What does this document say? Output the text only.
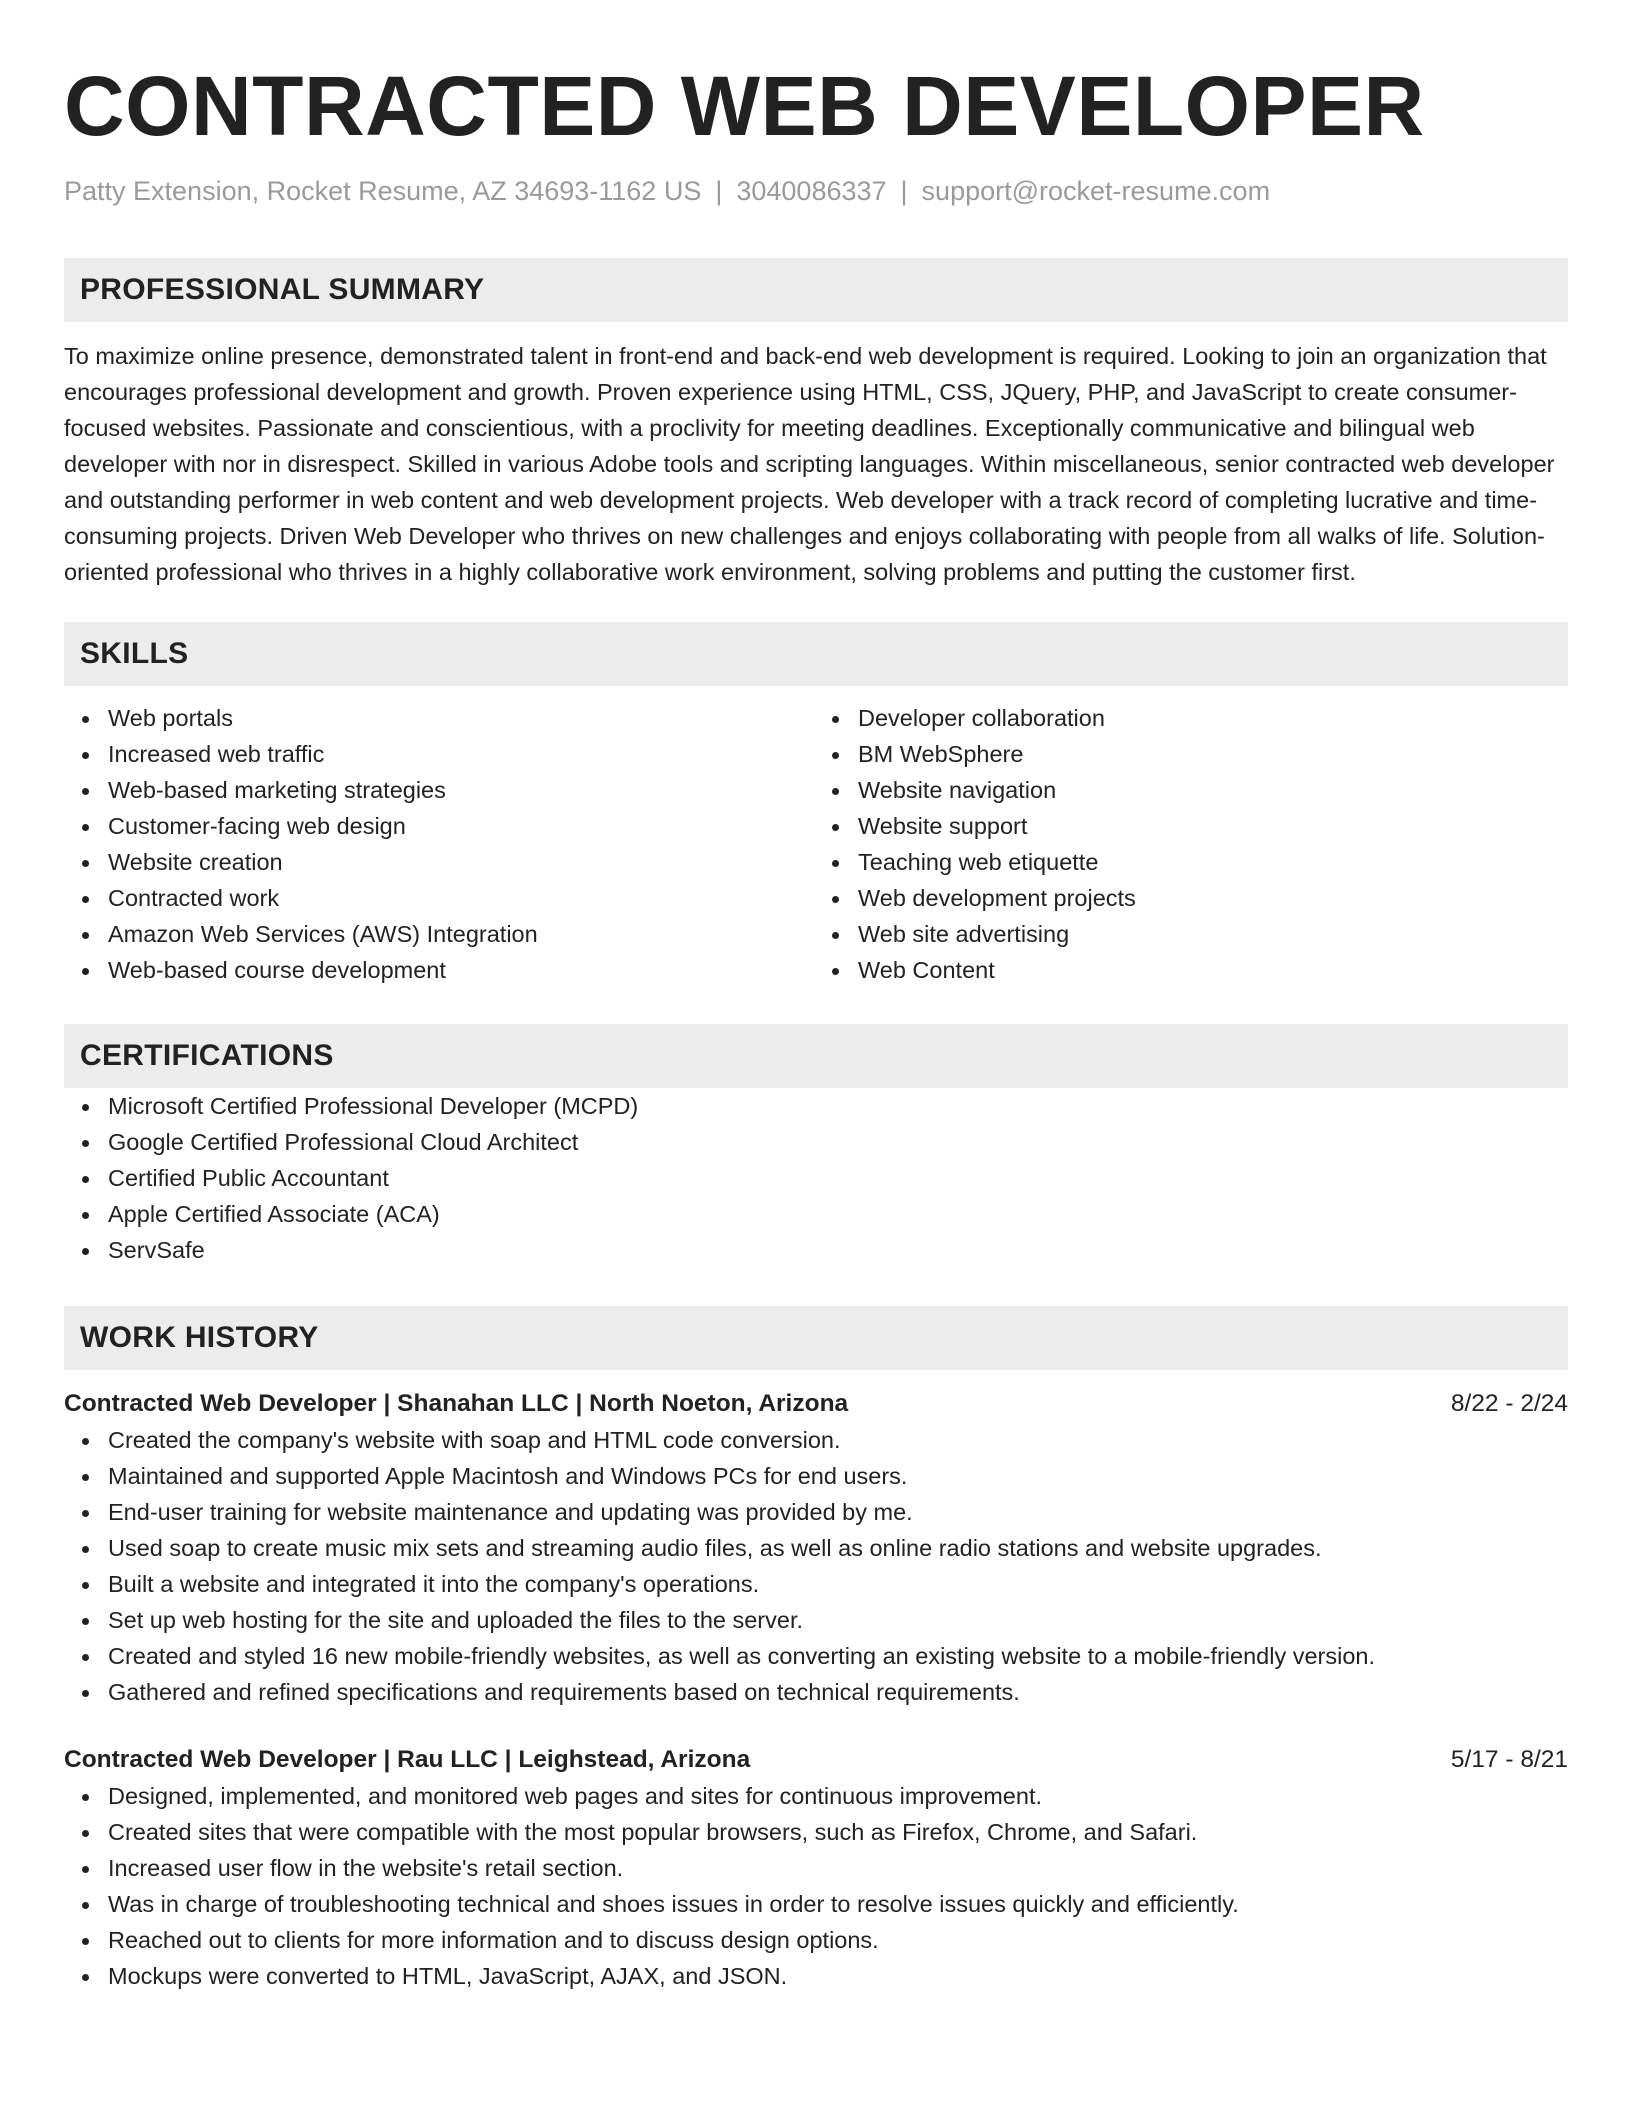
CONTRACTED WEB DEVELOPER
Patty Extension, Rocket Resume, AZ 34693-1162 US | 3040086337 | support@rocket-resume.com
PROFESSIONAL SUMMARY

To maximize online presence, demonstrated talent in front-end and back-end web development is required. Looking to join an organization that encourages professional development and growth. Proven experience using HTML, CSS, JQuery, PHP, and JavaScript to create consumer-focused websites. Passionate and conscientious, with a proclivity for meeting deadlines. Exceptionally communicative and bilingual web developer with nor in disrespect. Skilled in various Adobe tools and scripting languages. Within miscellaneous, senior contracted web developer and outstanding performer in web content and web development projects. Web developer with a track record of completing lucrative and time-consuming projects. Driven Web Developer who thrives on new challenges and enjoys collaborating with people from all walks of life. Solution-oriented professional who thrives in a highly collaborative work environment, solving problems and putting the customer first.

SKILLS
Web portals
Increased web traffic
Web-based marketing strategies
Customer-facing web design
Website creation
Contracted work
Amazon Web Services (AWS) Integration
Web-based course development
Developer collaboration
BM WebSphere
Website navigation
Website support
Teaching web etiquette
Web development projects
Web site advertising
Web Content
CERTIFICATIONS
Microsoft Certified Professional Developer (MCPD)
Google Certified Professional Cloud Architect
Certified Public Accountant
Apple Certified Associate (ACA)
ServSafe
WORK HISTORY
Contracted Web Developer | Shanahan LLC | North Noeton, Arizona	8/22 - 2/24
Created the company's website with soap and HTML code conversion.
Maintained and supported Apple Macintosh and Windows PCs for end users.
End-user training for website maintenance and updating was provided by me.
Used soap to create music mix sets and streaming audio files, as well as online radio stations and website upgrades.
Built a website and integrated it into the company's operations.
Set up web hosting for the site and uploaded the files to the server.
Created and styled 16 new mobile-friendly websites, as well as converting an existing website to a mobile-friendly version.
Gathered and refined specifications and requirements based on technical requirements.
Contracted Web Developer | Rau LLC | Leighstead, Arizona	5/17 - 8/21
Designed, implemented, and monitored web pages and sites for continuous improvement.
Created sites that were compatible with the most popular browsers, such as Firefox, Chrome, and Safari.
Increased user flow in the website's retail section.
Was in charge of troubleshooting technical and shoes issues in order to resolve issues quickly and efficiently.
Reached out to clients for more information and to discuss design options.
Mockups were converted to HTML, JavaScript, AJAX, and JSON.
